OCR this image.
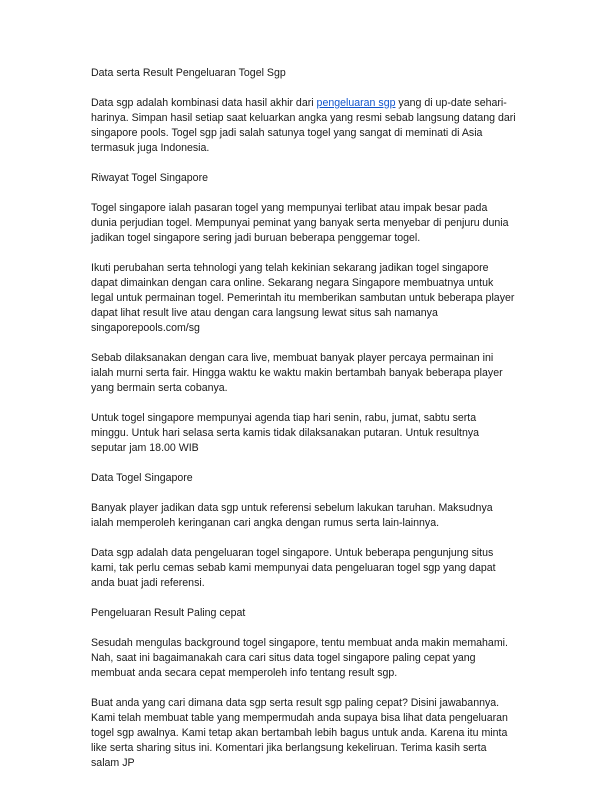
Data serta Result Pengeluaran Togel Sgp

Data sgp adalah kombinasi data hasil akhir dari pengeluaran sgp yang di up-date sehari-harinya. Simpan hasil setiap saat keluarkan angka yang resmi sebab langsung datang dari singapore pools. Togel sgp jadi salah satunya togel yang sangat di meminati di Asia termasuk juga Indonesia.

Riwayat Togel Singapore

Togel singapore ialah pasaran togel yang mempunyai terlibat atau impak besar pada dunia perjudian togel. Mempunyai peminat yang banyak serta menyebar di penjuru dunia jadikan togel singapore sering jadi buruan beberapa penggemar togel.

Ikuti perubahan serta tehnologi yang telah kekinian sekarang jadikan togel singapore dapat dimainkan dengan cara online. Sekarang negara Singapore membuatnya untuk legal untuk permainan togel. Pemerintah itu memberikan sambutan untuk beberapa player dapat lihat result live atau dengan cara langsung lewat situs sah namanya singaporepools.com/sg

Sebab dilaksanakan dengan cara live, membuat banyak player percaya permainan ini ialah murni serta fair. Hingga waktu ke waktu makin bertambah banyak beberapa player yang bermain serta cobanya.

Untuk togel singapore mempunyai agenda tiap hari senin, rabu, jumat, sabtu serta minggu. Untuk hari selasa serta kamis tidak dilaksanakan putaran. Untuk resultnya seputar jam 18.00 WIB

Data Togel Singapore

Banyak player jadikan data sgp untuk referensi sebelum lakukan taruhan. Maksudnya ialah memperoleh keringanan cari angka dengan rumus serta lain-lainnya.

Data sgp adalah data pengeluaran togel singapore. Untuk beberapa pengunjung situs kami, tak perlu cemas sebab kami mempunyai data pengeluaran togel sgp yang dapat anda buat jadi referensi.

Pengeluaran Result Paling cepat

Sesudah mengulas background togel singapore, tentu membuat anda makin memahami. Nah, saat ini bagaimanakah cara cari situs data togel singapore paling cepat yang membuat anda secara cepat memperoleh info tentang result sgp.

Buat anda yang cari dimana data sgp serta result sgp paling cepat? Disini jawabannya. Kami telah membuat table yang mempermudah anda supaya bisa lihat data pengeluaran togel sgp awalnya. Kami tetap akan bertambah lebih bagus untuk anda. Karena itu minta like serta sharing situs ini. Komentari jika berlangsung kekeliruan. Terima kasih serta salam JP
